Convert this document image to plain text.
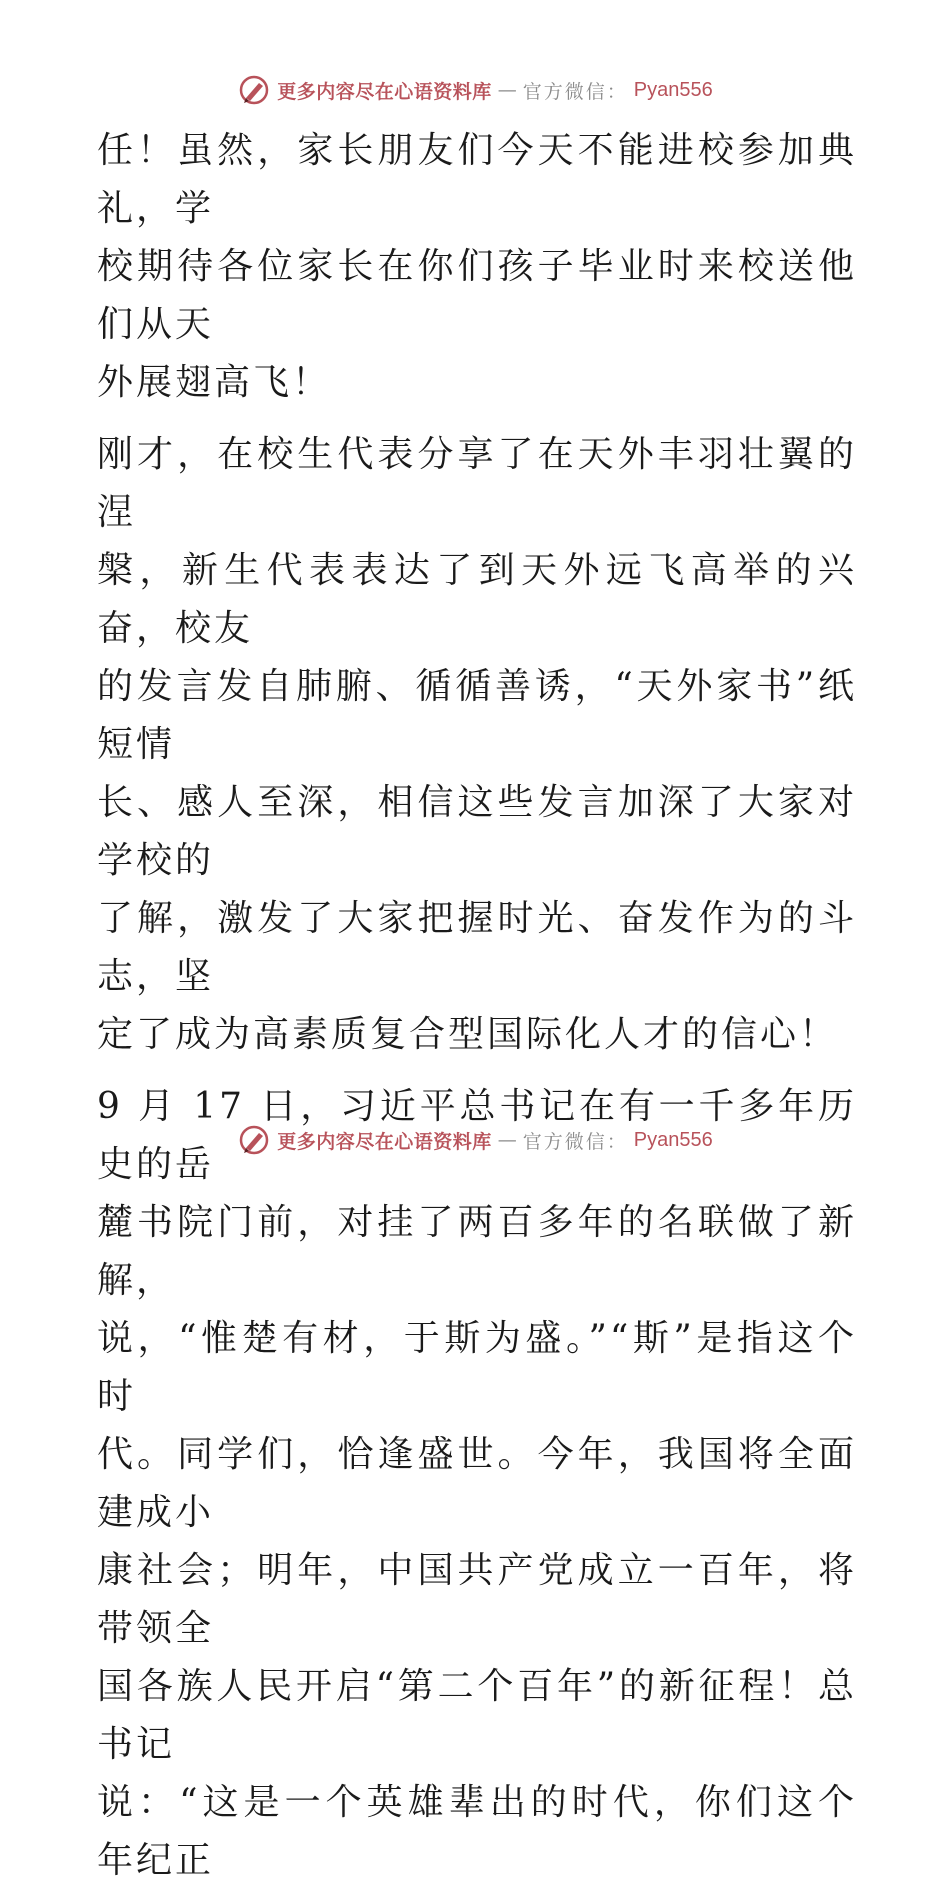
更多内容尽在心语资料库 — 官方微信： Pyan556

任！虽然，家长朋友们今天不能进校参加典礼，学
校期待各位家长在你们孩子毕业时来校送他们从天
外展翅高飞！

刚才，在校生代表分享了在天外丰羽壮翼的涅
槃，新生代表表达了到天外远飞高举的兴奋，校友
的发言发自肺腑、循循善诱，“天外家书”纸短情
长、感人至深，相信这些发言加深了大家对学校的
了解，激发了大家把握时光、奋发作为的斗志，坚
定了成为高素质复合型国际化人才的信心！

9 月 17 日，习近平总书记在有一千多年历史的岳
麓书院门前，对挂了两百多年的名联做了新解，
说，“惟楚有材，于斯为盛。”“斯”是指这个时
代。同学们，恰逢盛世。今年，我国将全面建成小
康社会；明年，中国共产党成立一百年，将带领全
国各族人民开启“第二个百年”的新征程！总书记
说：“这是一个英雄辈出的时代，你们这个年纪正

更多内容尽在心语资料库 — 官方微信： Pyan556
